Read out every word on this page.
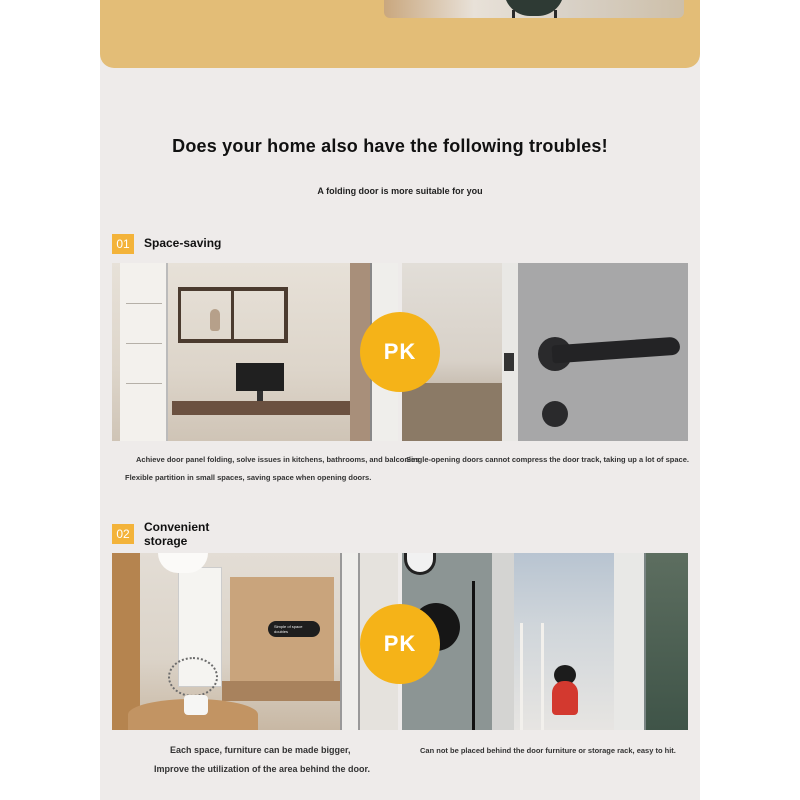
Does your home also have the following troubles!
A folding door is more suitable for you
01	Space-saving
PK
Achieve door panel folding, solve issues in kitchens, bathrooms, and balconies
Flexible partition in small spaces, saving space when opening doors.
Single-opening doors cannot compress the door track, taking up a lot of space.
02	Convenient
storage
Simple of space doubles	PK
Each space, furniture can be made bigger,
Improve the utilization of the area behind the door.
Can not be placed behind the door furniture or storage rack, easy to hit.
